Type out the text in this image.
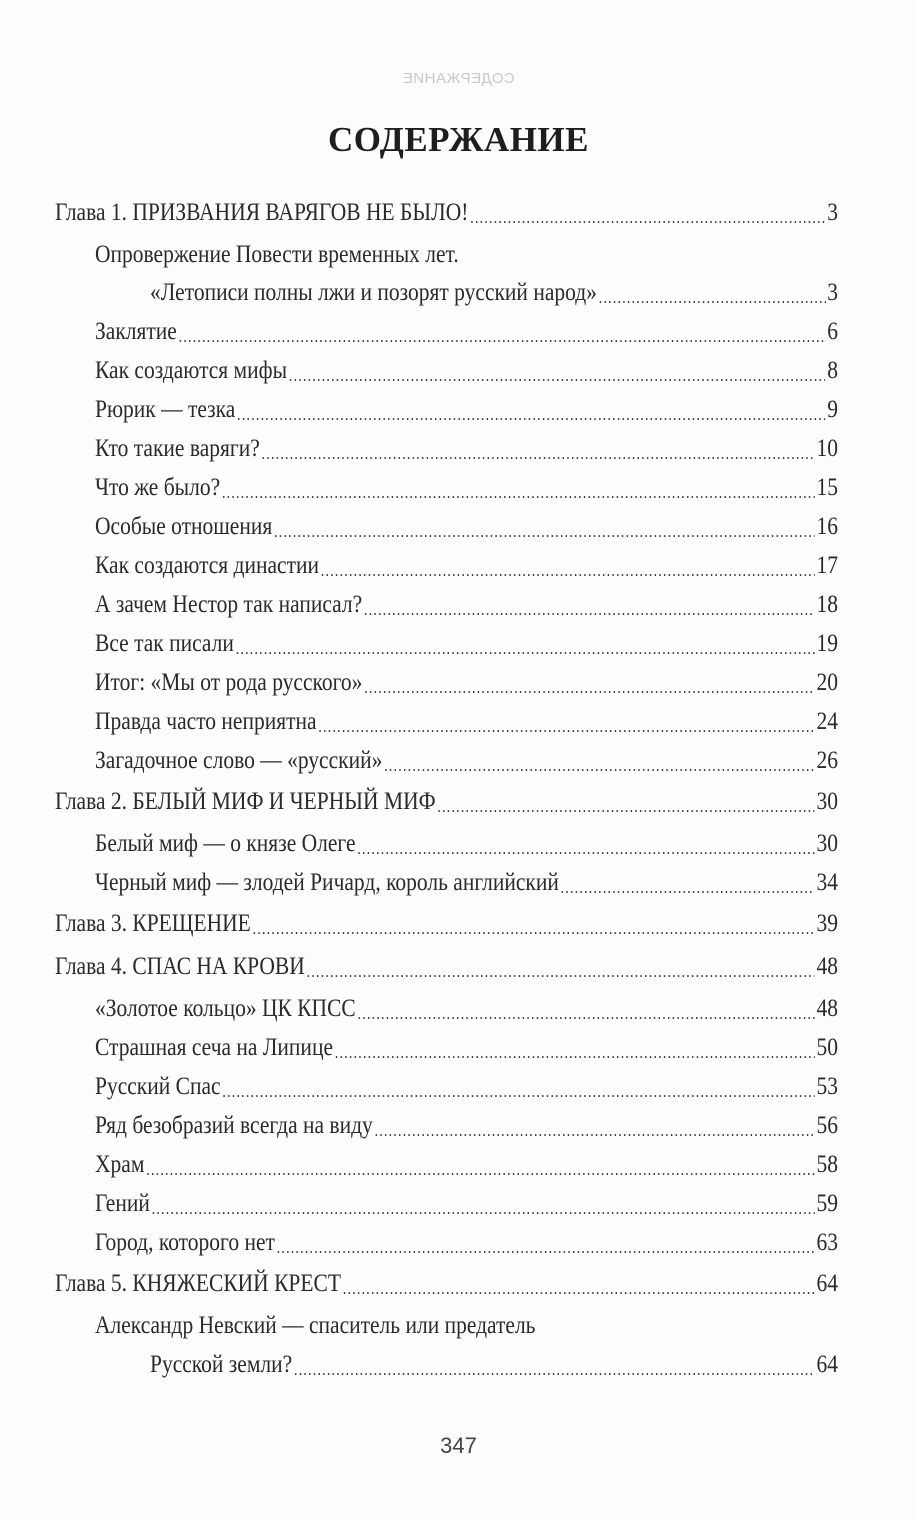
СОДЕРЖАНИЕ
СОДЕРЖАНИЕ
Глава 1. ПРИЗВАНИЯ ВАРЯГОВ НЕ БЫЛО! .....	3
Опровержение Повести временных лет.
«Летописи полны лжи и позорят русский народ» .....	3
Заклятие .....	6
Как создаются мифы .....	8
Рюрик — тезка .....	9
Кто такие варяги? .....	10
Что же было? .....	15
Особые отношения .....	16
Как создаются династии .....	17
А зачем Нестор так написал? .....	18
Все так писали .....	19
Итог: «Мы от рода русского» .....	20
Правда часто неприятна .....	24
Загадочное слово — «русский» .....	26
Глава 2. БЕЛЫЙ МИФ И ЧЕРНЫЙ МИФ .....	30
Белый миф — о князе Олеге .....	30
Черный миф — злодей Ричард, король английский .....	34
Глава 3. КРЕЩЕНИЕ .....	39
Глава 4. СПАС НА КРОВИ .....	48
«Золотое кольцо» ЦК КПСС .....	48
Страшная сеча на Липице .....	50
Русский Спас .....	53
Ряд безобразий всегда на виду .....	56
Храм .....	58
Гений .....	59
Город, которого нет .....	63
Глава 5. КНЯЖЕСКИЙ КРЕСТ .....	64
Александр Невский — спаситель или предатель
Русской земли? .....	64
347
